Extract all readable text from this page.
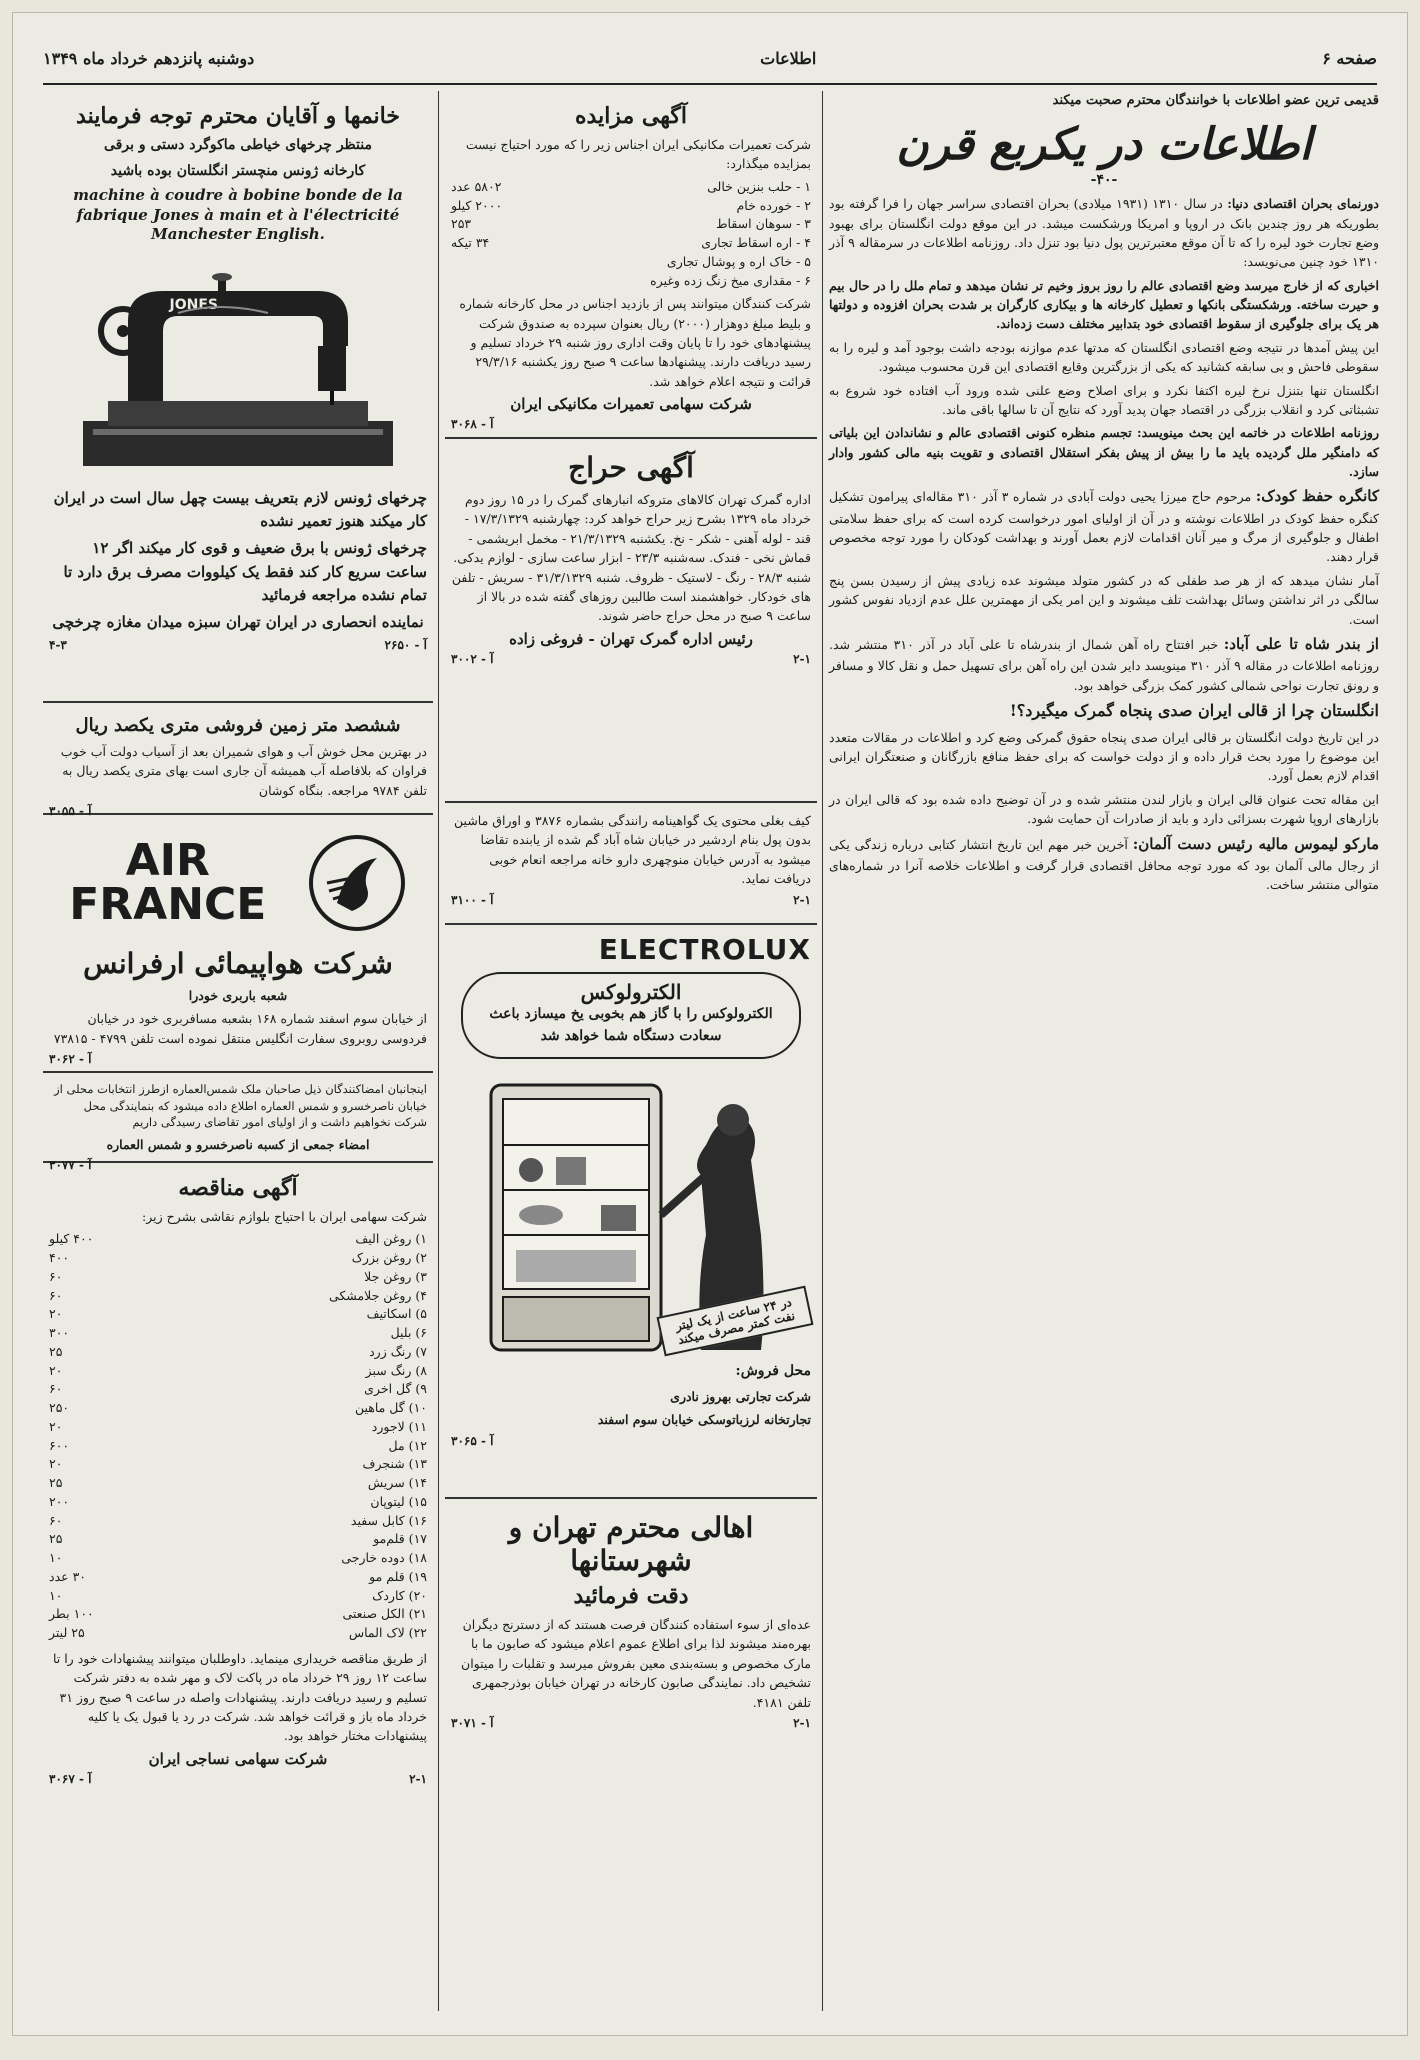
دوشنبه پانزدهم خرداد ماه ۱۳۴۹	اطلاعات	صفحه ۶
خانمها و آقایان محترم توجه فرمایند

منتظر چرخهای خیاطی ماکوگرد دستی و برقی

کارخانه ژونس منچستر انگلستان بوده باشید

machine à coudre à bobine bonde de la fabrique Jones à main et à l'électricité Manchester English.
JONES

چرخهای ژونس لازم بتعریف بیست چهل سال است در ایران کار میکند هنوز تعمیر نشده

چرخهای ژونس با برق ضعیف و قوی کار میکند اگر ۱۲ ساعت سریع کار کند فقط یک کیلووات مصرف برق دارد تا تمام نشده مراجعه فرمائید

نماینده انحصاری در ایران تهران سبزه میدان مغازه چرخچی

آ - ۲۶۵۰
۴-۳
ششصد متر زمین فروشی متری یکصد ریال

در بهترین محل خوش آب و هوای شمیران بعد از آسیاب دولت آب خوب فراوان که بلافاصله آب همیشه آن جاری است بهای متری یکصد ریال به تلفن ۹۷۸۴ مراجعه. بنگاه کوشان

آ - ۳۰۵۵
AIR
FRANCE
شرکت هواپیمائی ارفرانس

شعبه باربری خودرا

از خیابان سوم اسفند شماره ۱۶۸ بشعبه مسافربری خود در خیابان فردوسی روبروی سفارت انگلیس منتقل نموده است تلفن ۴۷۹۹ - ۷۳۸۱۵

آ - ۳۰۶۲

اینجانبان امضاکنندگان ذیل صاحبان ملک شمس‌العماره ازطرز انتخابات محلی از خیابان ناصرخسرو و شمس العماره اطلاع داده میشود که بنمایندگی محل شرکت نخواهیم داشت و از اولیای امور تقاضای رسیدگی داریم

امضاء جمعی از کسبه ناصرخسرو و شمس العماره

آ - ۳۰۷۷
آگهی مناقصه

شرکت سهامی ایران با احتیاج بلوازم نقاشی بشرح زیر:

۱) روغن الیف
۴۰۰ کیلو
۲) روغن بزرک
۴۰۰
۳) روغن جلا
۶۰
۴) روغن جلامشکی
۶۰
۵) اسکاتیف
۲۰
۶) بلیل
۳۰۰
۷) رنگ زرد
۲۵
۸) رنگ سبز
۲۰
۹) گل اخری
۶۰
۱۰) گل ماهین
۲۵۰
۱۱) لاجورد
۲۰
۱۲) مل
۶۰۰
۱۳) شنجرف
۲۰
۱۴) سریش
۲۵
۱۵) لیتوپان
۲۰۰
۱۶) کابل سفید
۶۰
۱۷) قلم‌مو
۲۵
۱۸) دوده خارجی
۱۰
۱۹) قلم مو
۳۰ عدد
۲۰) کاردک
۱۰
۲۱) الکل صنعتی
۱۰۰ بطر
۲۲) لاک الماس
۲۵ لیتر

از طریق مناقصه خریداری مینماید. داوطلبان میتوانند پیشنهادات خود را تا ساعت ۱۲ روز ۲۹ خرداد ماه در پاکت لاک و مهر شده به دفتر شرکت تسلیم و رسید دریافت دارند. پیشنهادات واصله در ساعت ۹ صبح روز ۳۱ خرداد ماه باز و قرائت خواهد شد. شرکت در رد یا قبول یک یا کلیه پیشنهادات مختار خواهد بود.

شرکت سهامی نساجی ایران
۲-۱
آ - ۳۰۶۷
آگهی مزایده

شرکت تعمیرات مکانیکی ایران اجناس زیر را که مورد احتیاج نیست بمزایده میگذارد:

۱ - حلب بنزین خالی
۵۸۰۲ عدد
۲ - خورده خام
۲۰۰۰ کیلو
۳ - سوهان اسقاط
۲۵۳
۴ - اره اسقاط تجاری
۳۴ تیکه
۵ - خاک اره و پوشال تجاری
۶ - مقداری میخ زنگ زده وغیره

شرکت کنندگان میتوانند پس از بازدید اجناس در محل کارخانه شماره و بلیط مبلغ دوهزار (۲۰۰۰) ریال بعنوان سپرده به صندوق شرکت پیشنهادهای خود را تا پایان وقت اداری روز شنبه ۲۹ خرداد تسلیم و رسید دریافت دارند. پیشنهادها ساعت ۹ صبح روز یکشنبه ۲۹/۳/۱۶ قرائت و نتیجه اعلام خواهد شد.

شرکت سهامی تعمیرات مکانیکی ایران
آ - ۳۰۶۸
آگهی حراج

اداره گمرک تهران کالاهای متروکه انبارهای گمرک را در ۱۵ روز دوم خرداد ماه ۱۳۲۹ بشرح زیر حراج خواهد کرد: چهارشنبه ۱۷/۳/۱۳۲۹ - قند - لوله آهنی - شکر - نخ. یکشنبه ۲۱/۳/۱۳۲۹ - مخمل ابریشمی - قماش نخی - فندک. سه‌شنبه ۲۳/۳ - ابزار ساعت سازی - لوازم یدکی. شنبه ۲۸/۳ - رنگ - لاستیک - ظروف. شنبه ۳۱/۳/۱۳۲۹ - سریش - تلفن های خودکار. خواهشمند است طالبین روزهای گفته شده در بالا از ساعت ۹ صبح در محل حراج حاضر شوند.

رئیس اداره گمرک تهران - فروغی زاده
۲-۱
آ - ۳۰۰۲

کیف بغلی محتوی یک گواهینامه رانندگی بشماره ۳۸۷۶ و اوراق ماشین بدون پول بنام اردشیر در خیابان شاه آباد گم شده از یابنده تقاضا میشود به آدرس خیابان منوچهری دارو خانه مراجعه انعام خوبی دریافت نماید.

۲-۱
آ - ۳۱۰۰
ELECTROLUX
الکترولوکس

الکترولوکس را با گاز هم بخوبی یخ میسازد باعث سعادت دستگاه شما خواهد شد

در ۲۴ ساعت از یک لیتر نفت کمتر مصرف میکند

محل فروش:

شرکت تجارتی بهروز نادری

تجارتخانه لرزباتوسکی خیابان سوم اسفند

آ - ۳۰۶۵
اهالی محترم تهران و شهرستانها
دقت فرمائید

عده‌ای از سوء استفاده کنندگان فرصت هستند که از دسترنج دیگران بهره‌مند میشوند لذا برای اطلاع عموم اعلام میشود که صابون ما با مارک مخصوص و بسته‌بندی معین بفروش میرسد و تقلبات را میتوان تشخیص داد. نمایندگی صابون کارخانه در تهران خیابان بوذرجمهری تلفن ۴۱۸۱.

۲-۱
آ - ۳۰۷۱

قدیمی ترین عضو اطلاعات با خوانندگان محترم صحبت میکند

اطلاعات در یکربع قرن
-۴۰-

دورنمای بحران اقتصادی دنیا: در سال ۱۳۱۰ (۱۹۳۱ میلادی) بحران اقتصادی سراسر جهان را فرا گرفته بود بطوریکه هر روز چندین بانک در اروپا و امریکا ورشکست میشد. در این موقع دولت انگلستان برای بهبود وضع تجارت خود لیره را که تا آن موقع معتبرترین پول دنیا بود تنزل داد. روزنامه اطلاعات در سرمقاله ۹ آذر ۱۳۱۰ خود چنین می‌نویسد:

اخباری که از خارج میرسد وضع اقتصادی عالم را روز بروز وخیم تر نشان میدهد و تمام ملل را در حال بیم و حیرت ساخته. ورشکستگی بانکها و تعطیل کارخانه ها و بیکاری کارگران بر شدت بحران افزوده و دولتها هر یک برای جلوگیری از سقوط اقتصادی خود بتدابیر مختلف دست زده‌اند.

این پیش آمدها در نتیجه وضع اقتصادی انگلستان که مدتها عدم موازنه بودجه داشت بوجود آمد و لیره را به سقوطی فاحش و بی سابقه کشانید که یکی از بزرگترین وقایع اقتصادی این قرن محسوب میشود.

انگلستان تنها بتنزل نرخ لیره اکتفا نکرد و برای اصلاح وضع علنی شده ورود آب افتاده خود شروع به تشبثاتی کرد و انقلاب بزرگی در اقتصاد جهان پدید آورد که نتایج آن تا سالها باقی ماند.

روزنامه اطلاعات در خاتمه این بحث مینویسد: تجسم منظره کنونی اقتصادی عالم و نشاندادن این بلیاتی که دامنگیر ملل گردیده باید ما را بیش از پیش بفکر استقلال اقتصادی و تقویت بنیه مالی کشور وادار سازد.

کانگره حفظ کودک: مرحوم حاج میرزا یحیی دولت آبادی در شماره ۳ آذر ۳۱۰ مقاله‌ای پیرامون تشکیل کنگره حفظ کودک در اطلاعات نوشته و در آن از اولیای امور درخواست کرده است که برای حفظ سلامتی اطفال و جلوگیری از مرگ و میر آنان اقدامات لازم بعمل آورند و بهداشت کودکان را مورد توجه مخصوص قرار دهند.

آمار نشان میدهد که از هر صد طفلی که در کشور متولد میشوند عده زیادی پیش از رسیدن بسن پنج سالگی در اثر نداشتن وسائل بهداشت تلف میشوند و این امر یکی از مهمترین علل عدم ازدیاد نفوس کشور است.

از بندر شاه تا علی آباد: خبر افتتاح راه آهن شمال از بندرشاه تا علی آباد در آذر ۳۱۰ منتشر شد. روزنامه اطلاعات در مقاله ۹ آذر ۳۱۰ مینویسد دایر شدن این راه آهن برای تسهیل حمل و نقل کالا و مسافر و رونق تجارت نواحی شمالی کشور کمک بزرگی خواهد بود.

انگلستان چرا از قالی ایران صدی پنجاه گمرک میگیرد؟!

در این تاریخ دولت انگلستان بر قالی ایران صدی پنجاه حقوق گمرکی وضع کرد و اطلاعات در مقالات متعدد این موضوع را مورد بحث قرار داده و از دولت خواست که برای حفظ منافع بازرگانان و صنعتگران ایرانی اقدام لازم بعمل آورد.

اين مقاله تحت عنوان قالی ایران و بازار لندن منتشر شده و در آن توضیح داده شده بود که قالی ایران در بازارهای اروپا شهرت بسزائی دارد و باید از صادرات آن حمایت شود.

مارکو لیموس مالیه رئیس دست آلمان: آخرین خبر مهم این تاریخ انتشار کتابی درباره زندگی یکی از رجال مالی آلمان بود که مورد توجه محافل اقتصادی قرار گرفت و اطلاعات خلاصه آنرا در شماره‌های متوالی منتشر ساخت.
